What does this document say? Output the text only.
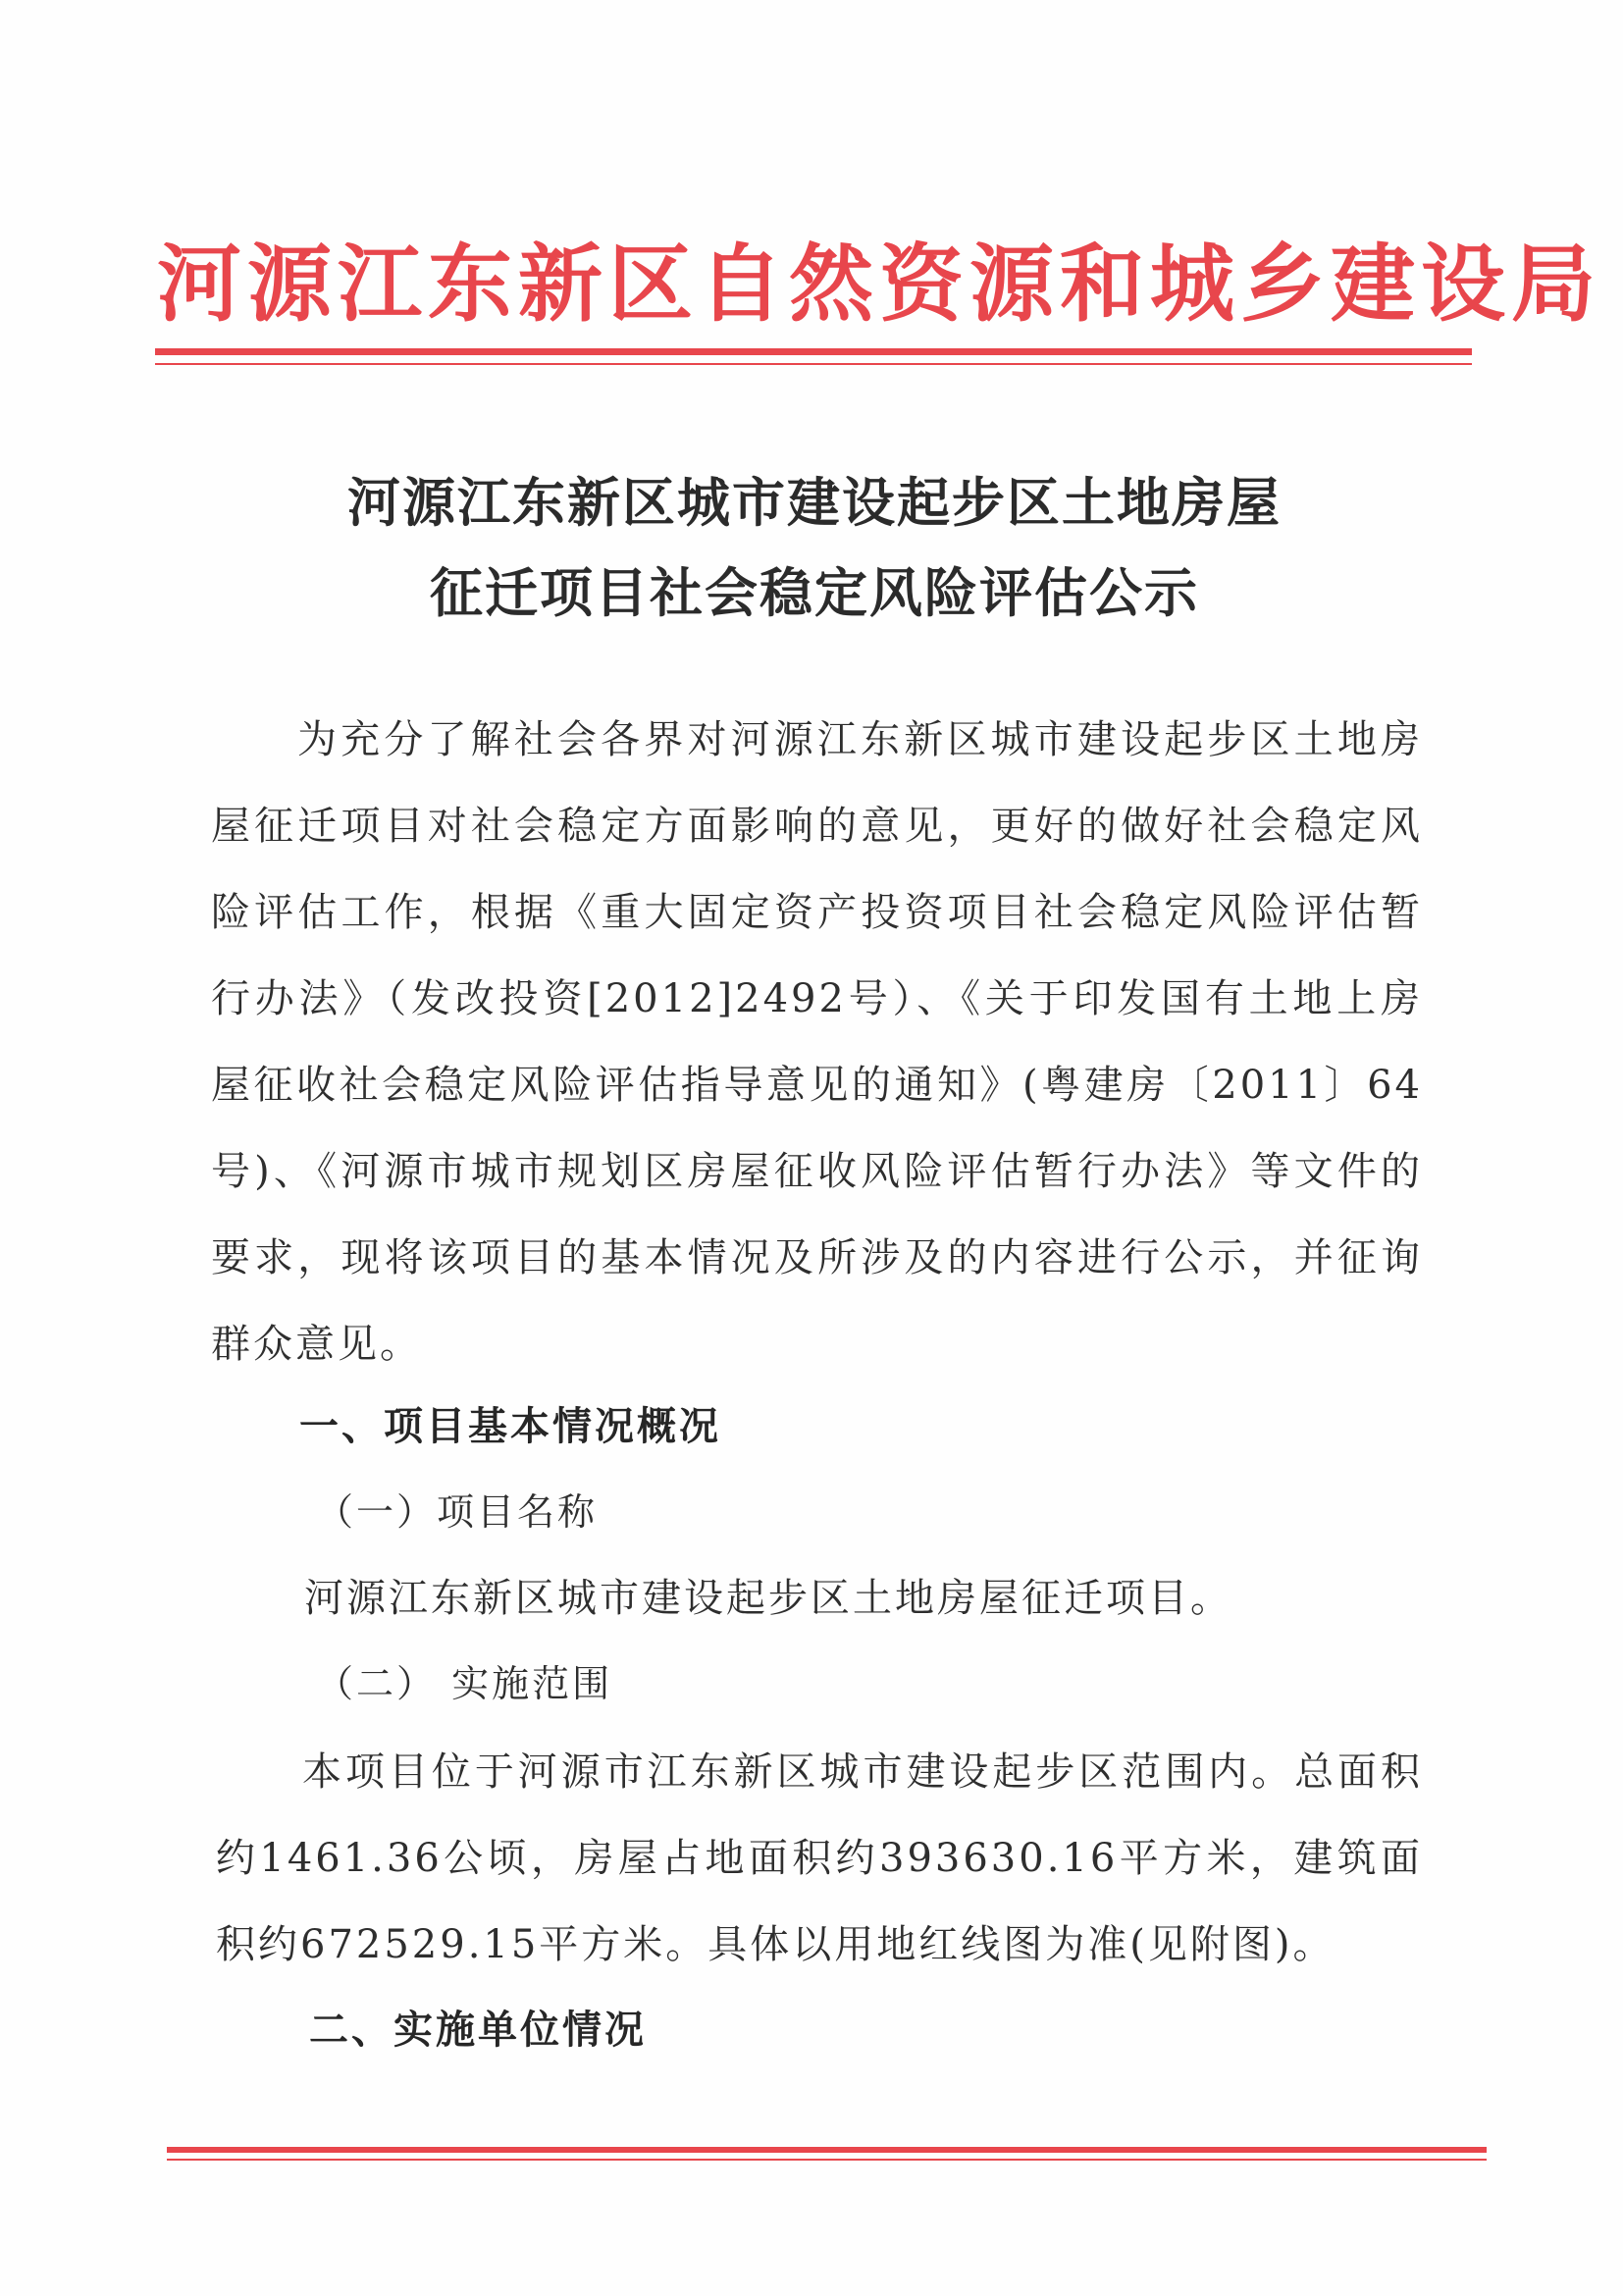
河源江东新区自然资源和城乡建设局
河源江东新区城市建设起步区土地房屋
征迁项目社会稳定风险评估公示
为充分了解社会各界对河源江东新区城市建设起步区土地房屋征迁项目对社会稳定方面影响的意见，更好的做好社会稳定风险评估工作，根据《重大固定资产投资项目社会稳定风险评估暂行办法》（发改投资[2012]2492号）、《关于印发国有土地上房屋征收社会稳定风险评估指导意见的通知》(粤建房〔2011〕64号)、《河源市城市规划区房屋征收风险评估暂行办法》等文件的要求，现将该项目的基本情况及所涉及的内容进行公示，并征询群众意见。
一、项目基本情况概况
（一）项目名称
河源江东新区城市建设起步区土地房屋征迁项目。
（二） 实施范围
本项目位于河源市江东新区城市建设起步区范围内。总面积约1461.36公顷，房屋占地面积约393630.16平方米，建筑面积约672529.15平方米。具体以用地红线图为准(见附图)。
二、实施单位情况
